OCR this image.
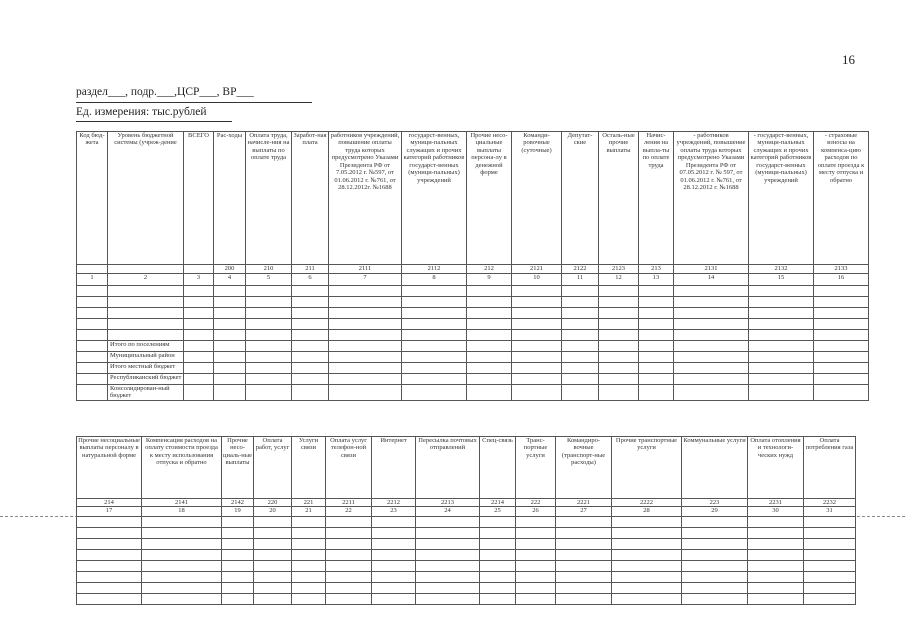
16
раздел___, подр.___,ЦСР___, ВР___
Ед. измерения: тыс.рублей
Код бюд-жета	Уровень бюджетной системы (учреж-дение	ВСЕГО	Рас-ходы	Оплата труда, начисле-ния на выплаты по оплате труда	Заработ-ная плата	работников учреждений, повышение оплаты труда которых предусмотрено Указами Президента РФ от 7.05.2012 г. №597, от 01.06.2012 г. №761, от 28.12.2012г. №1688	государст-венных, муници-пальных служащих и прочих категорий работников государст-венных (муници-пальных) учреждений	Прочие несо-циальные выплаты персона-лу в денежной форме	Команди-ровочные (суточные)	Депутат-ские	Осталь-ные прочие выплаты	Начис-ления на выпла-ты по оплате труда	- работников учреждений, повышение оплаты труда которых предусмотрено Указами Президента РФ от 07.05.2012 г. № 597, от 01.06.2012 г. №761, от 28.12.2012 г. №1688	- государст-венных, муници-пальных служащих и прочих категорий работников государст-венных (муници-пальных) учреждений	- страховые взносы на компенса-цию расходов по оплате проезда к месту отпуска и обратно
			200	210	211	2111	2112	212	2121	2122	2123	213	2131	2132	2133
1	2	3	4	5	6	7	8	9	10	11	12	13	14	15	16

	Итого по поселениям														
	Муниципальный район														
	Итого местный бюджет														
	Республиканский бюджет														
	Консолидирован-ный бюджет														
Прочие несоциальные выплаты персоналу в натуральной форме	Компенсация расходов на оплату стоимости проезда к месту использования отпуска и обратно	Прочие несо-циаль-ные выплаты	Оплата работ, услуг	Услуги связи	Оплата услуг телефон-ной связи	Интернет	Пересылка почтовых отправлений	Спец-связь	Транс-портные услуги	Командиро-вочные (транспорт-ные расходы)	Прочие транспортные услуги	Коммунальные услуги	Оплата отопления и технологи-ческих нужд	Оплата потребления газа
214	2141	2142	220	221	2211	2212	2213	2214	222	2221	2222	223	2231	2232
17	18	19	20	21	22	23	24	25	26	27	28	29	30	31
